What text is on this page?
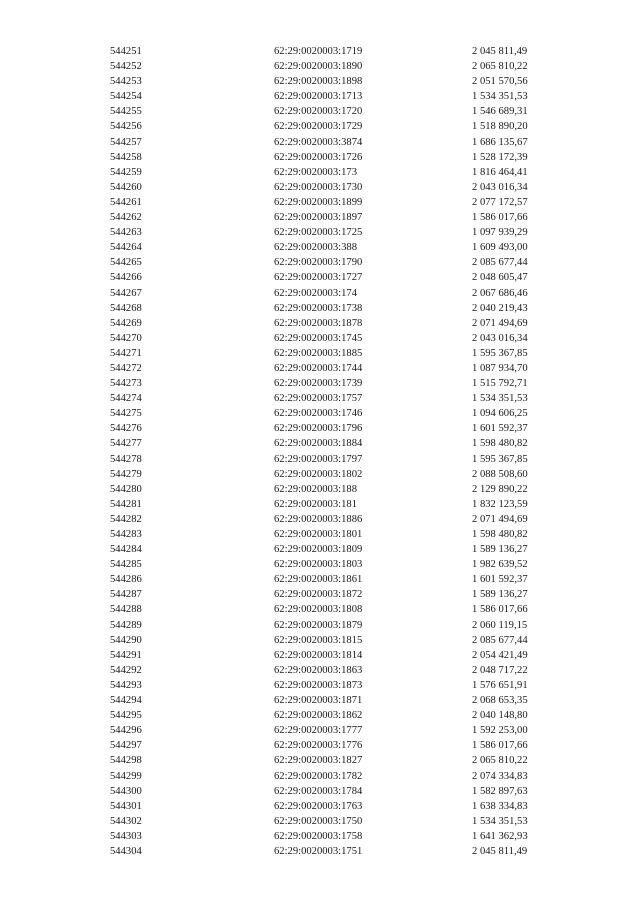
544251	62:29:0020003:1719	2 045 811,49
544252	62:29:0020003:1890	2 065 810,22
544253	62:29:0020003:1898	2 051 570,56
544254	62:29:0020003:1713	1 534 351,53
544255	62:29:0020003:1720	1 546 689,31
544256	62:29:0020003:1729	1 518 890,20
544257	62:29:0020003:3874	1 686 135,67
544258	62:29:0020003:1726	1 528 172,39
544259	62:29:0020003:173	1 816 464,41
544260	62:29:0020003:1730	2 043 016,34
544261	62:29:0020003:1899	2 077 172,57
544262	62:29:0020003:1897	1 586 017,66
544263	62:29:0020003:1725	1 097 939,29
544264	62:29:0020003:388	1 609 493,00
544265	62:29:0020003:1790	2 085 677,44
544266	62:29:0020003:1727	2 048 605,47
544267	62:29:0020003:174	2 067 686,46
544268	62:29:0020003:1738	2 040 219,43
544269	62:29:0020003:1878	2 071 494,69
544270	62:29:0020003:1745	2 043 016,34
544271	62:29:0020003:1885	1 595 367,85
544272	62:29:0020003:1744	1 087 934,70
544273	62:29:0020003:1739	1 515 792,71
544274	62:29:0020003:1757	1 534 351,53
544275	62:29:0020003:1746	1 094 606,25
544276	62:29:0020003:1796	1 601 592,37
544277	62:29:0020003:1884	1 598 480,82
544278	62:29:0020003:1797	1 595 367,85
544279	62:29:0020003:1802	2 088 508,60
544280	62:29:0020003:188	2 129 890,22
544281	62:29:0020003:181	1 832 123,59
544282	62:29:0020003:1886	2 071 494,69
544283	62:29:0020003:1801	1 598 480,82
544284	62:29:0020003:1809	1 589 136,27
544285	62:29:0020003:1803	1 982 639,52
544286	62:29:0020003:1861	1 601 592,37
544287	62:29:0020003:1872	1 589 136,27
544288	62:29:0020003:1808	1 586 017,66
544289	62:29:0020003:1879	2 060 119,15
544290	62:29:0020003:1815	2 085 677,44
544291	62:29:0020003:1814	2 054 421,49
544292	62:29:0020003:1863	2 048 717,22
544293	62:29:0020003:1873	1 576 651,91
544294	62:29:0020003:1871	2 068 653,35
544295	62:29:0020003:1862	2 040 148,80
544296	62:29:0020003:1777	1 592 253,00
544297	62:29:0020003:1776	1 586 017,66
544298	62:29:0020003:1827	2 065 810,22
544299	62:29:0020003:1782	2 074 334,83
544300	62:29:0020003:1784	1 582 897,63
544301	62:29:0020003:1763	1 638 334,83
544302	62:29:0020003:1750	1 534 351,53
544303	62:29:0020003:1758	1 641 362,93
544304	62:29:0020003:1751	2 045 811,49
